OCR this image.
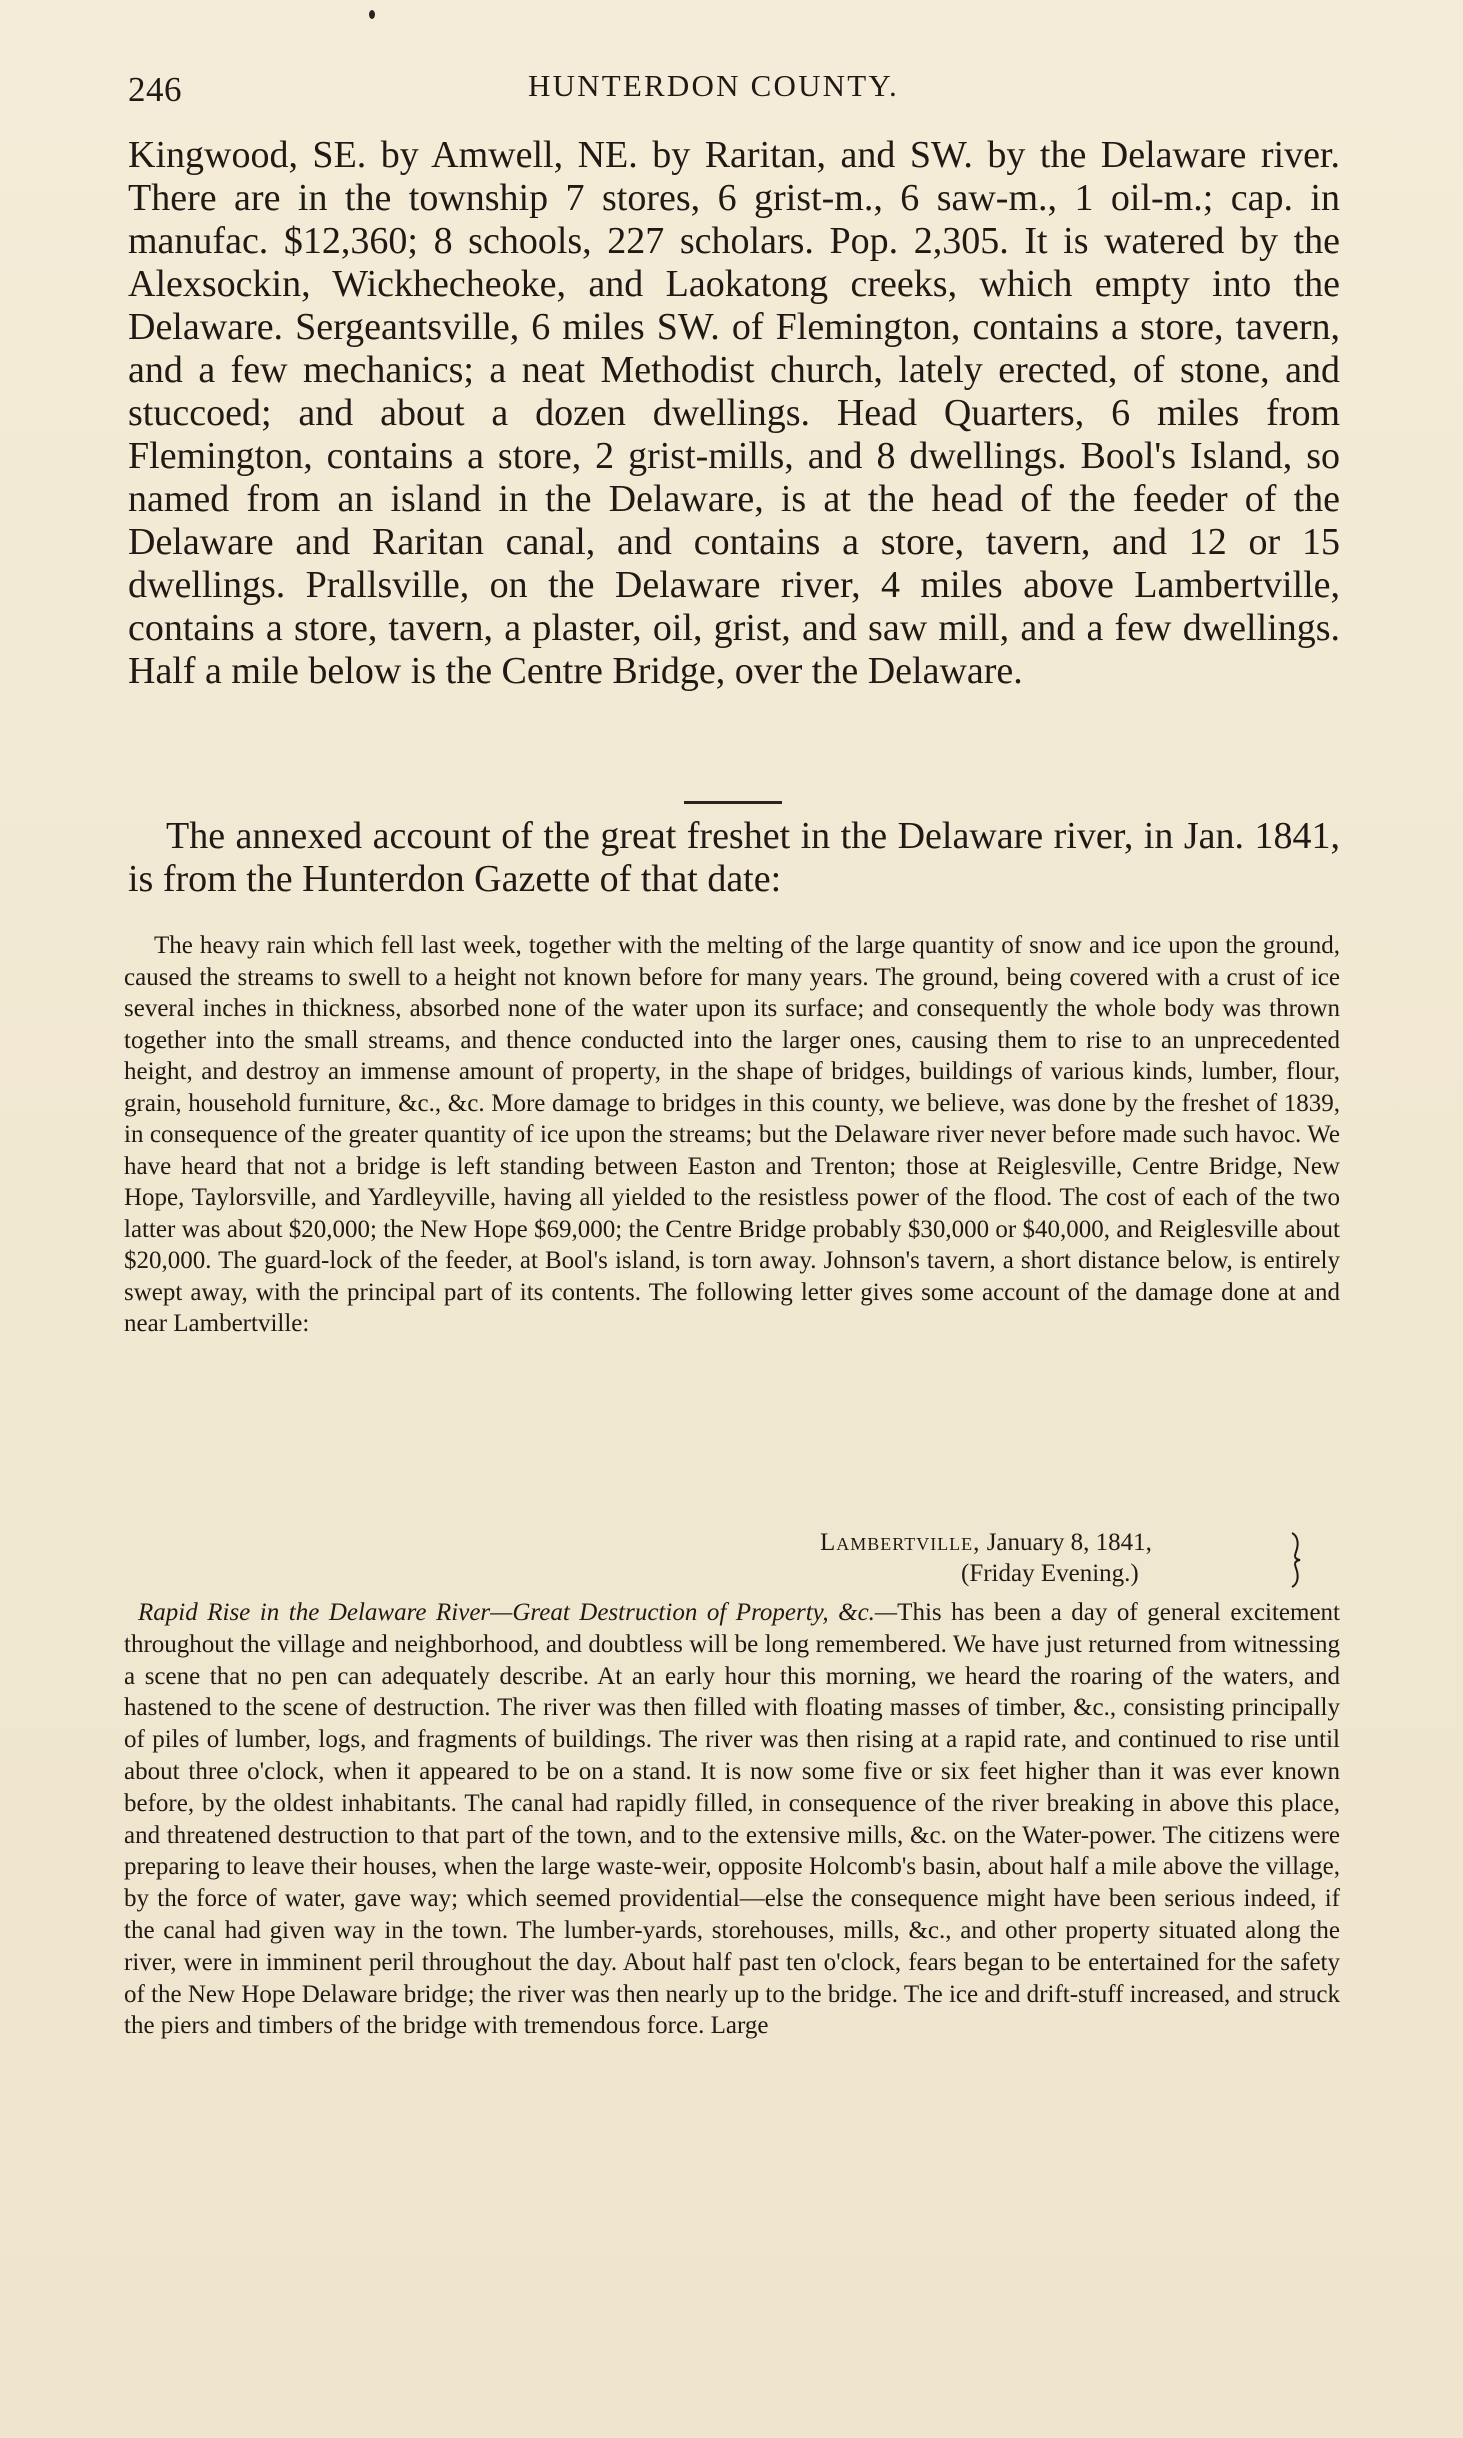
246	HUNTERDON COUNTY.

Kingwood, SE. by Amwell, NE. by Raritan, and SW. by the Delaware river. There are in the township 7 stores, 6 grist-m., 6 saw-m., 1 oil-m.; cap. in manufac. $12,360; 8 schools, 227 scholars. Pop. 2,305. It is watered by the Alexsockin, Wickhecheoke, and Laokatong creeks, which empty into the Delaware. Sergeantsville, 6 miles SW. of Flemington, contains a store, tavern, and a few mechanics; a neat Methodist church, lately erected, of stone, and stuccoed; and about a dozen dwellings. Head Quarters, 6 miles from Flemington, contains a store, 2 grist-mills, and 8 dwellings. Bool's Island, so named from an island in the Delaware, is at the head of the feeder of the Delaware and Raritan canal, and contains a store, tavern, and 12 or 15 dwellings. Prallsville, on the Delaware river, 4 miles above Lambertville, contains a store, tavern, a plaster, oil, grist, and saw mill, and a few dwellings. Half a mile below is the Centre Bridge, over the Delaware.

The annexed account of the great freshet in the Delaware river, in Jan. 1841, is from the Hunterdon Gazette of that date:

The heavy rain which fell last week, together with the melting of the large quantity of snow and ice upon the ground, caused the streams to swell to a height not known before for many years. The ground, being covered with a crust of ice several inches in thickness, absorbed none of the water upon its surface; and consequently the whole body was thrown together into the small streams, and thence conducted into the larger ones, causing them to rise to an unprecedented height, and destroy an immense amount of property, in the shape of bridges, buildings of various kinds, lumber, flour, grain, household furniture, &c., &c. More damage to bridges in this county, we believe, was done by the freshet of 1839, in consequence of the greater quantity of ice upon the streams; but the Delaware river never before made such havoc. We have heard that not a bridge is left standing between Easton and Trenton; those at Reiglesville, Centre Bridge, New Hope, Taylorsville, and Yardleyville, having all yielded to the resistless power of the flood. The cost of each of the two latter was about $20,000; the New Hope $69,000; the Centre Bridge probably $30,000 or $40,000, and Reiglesville about $20,000. The guard-lock of the feeder, at Bool's island, is torn away. Johnson's tavern, a short distance below, is entirely swept away, with the principal part of its contents. The following letter gives some account of the damage done at and near Lambertville:

Lambertville, January 8, 1841,
(Friday Evening.)

Rapid Rise in the Delaware River—Great Destruction of Property, &c.—This has been a day of general excitement throughout the village and neighborhood, and doubtless will be long remembered. We have just returned from witnessing a scene that no pen can adequately describe. At an early hour this morning, we heard the roaring of the waters, and hastened to the scene of destruction. The river was then filled with floating masses of timber, &c., consisting principally of piles of lumber, logs, and fragments of buildings. The river was then rising at a rapid rate, and continued to rise until about three o'clock, when it appeared to be on a stand. It is now some five or six feet higher than it was ever known before, by the oldest inhabitants. The canal had rapidly filled, in consequence of the river breaking in above this place, and threatened destruction to that part of the town, and to the extensive mills, &c. on the Water-power. The citizens were preparing to leave their houses, when the large waste-weir, opposite Holcomb's basin, about half a mile above the village, by the force of water, gave way; which seemed providential—else the consequence might have been serious indeed, if the canal had given way in the town. The lumber-yards, storehouses, mills, &c., and other property situated along the river, were in imminent peril throughout the day. About half past ten o'clock, fears began to be entertained for the safety of the New Hope Delaware bridge; the river was then nearly up to the bridge. The ice and drift-stuff increased, and struck the piers and timbers of the bridge with tremendous force. Large
